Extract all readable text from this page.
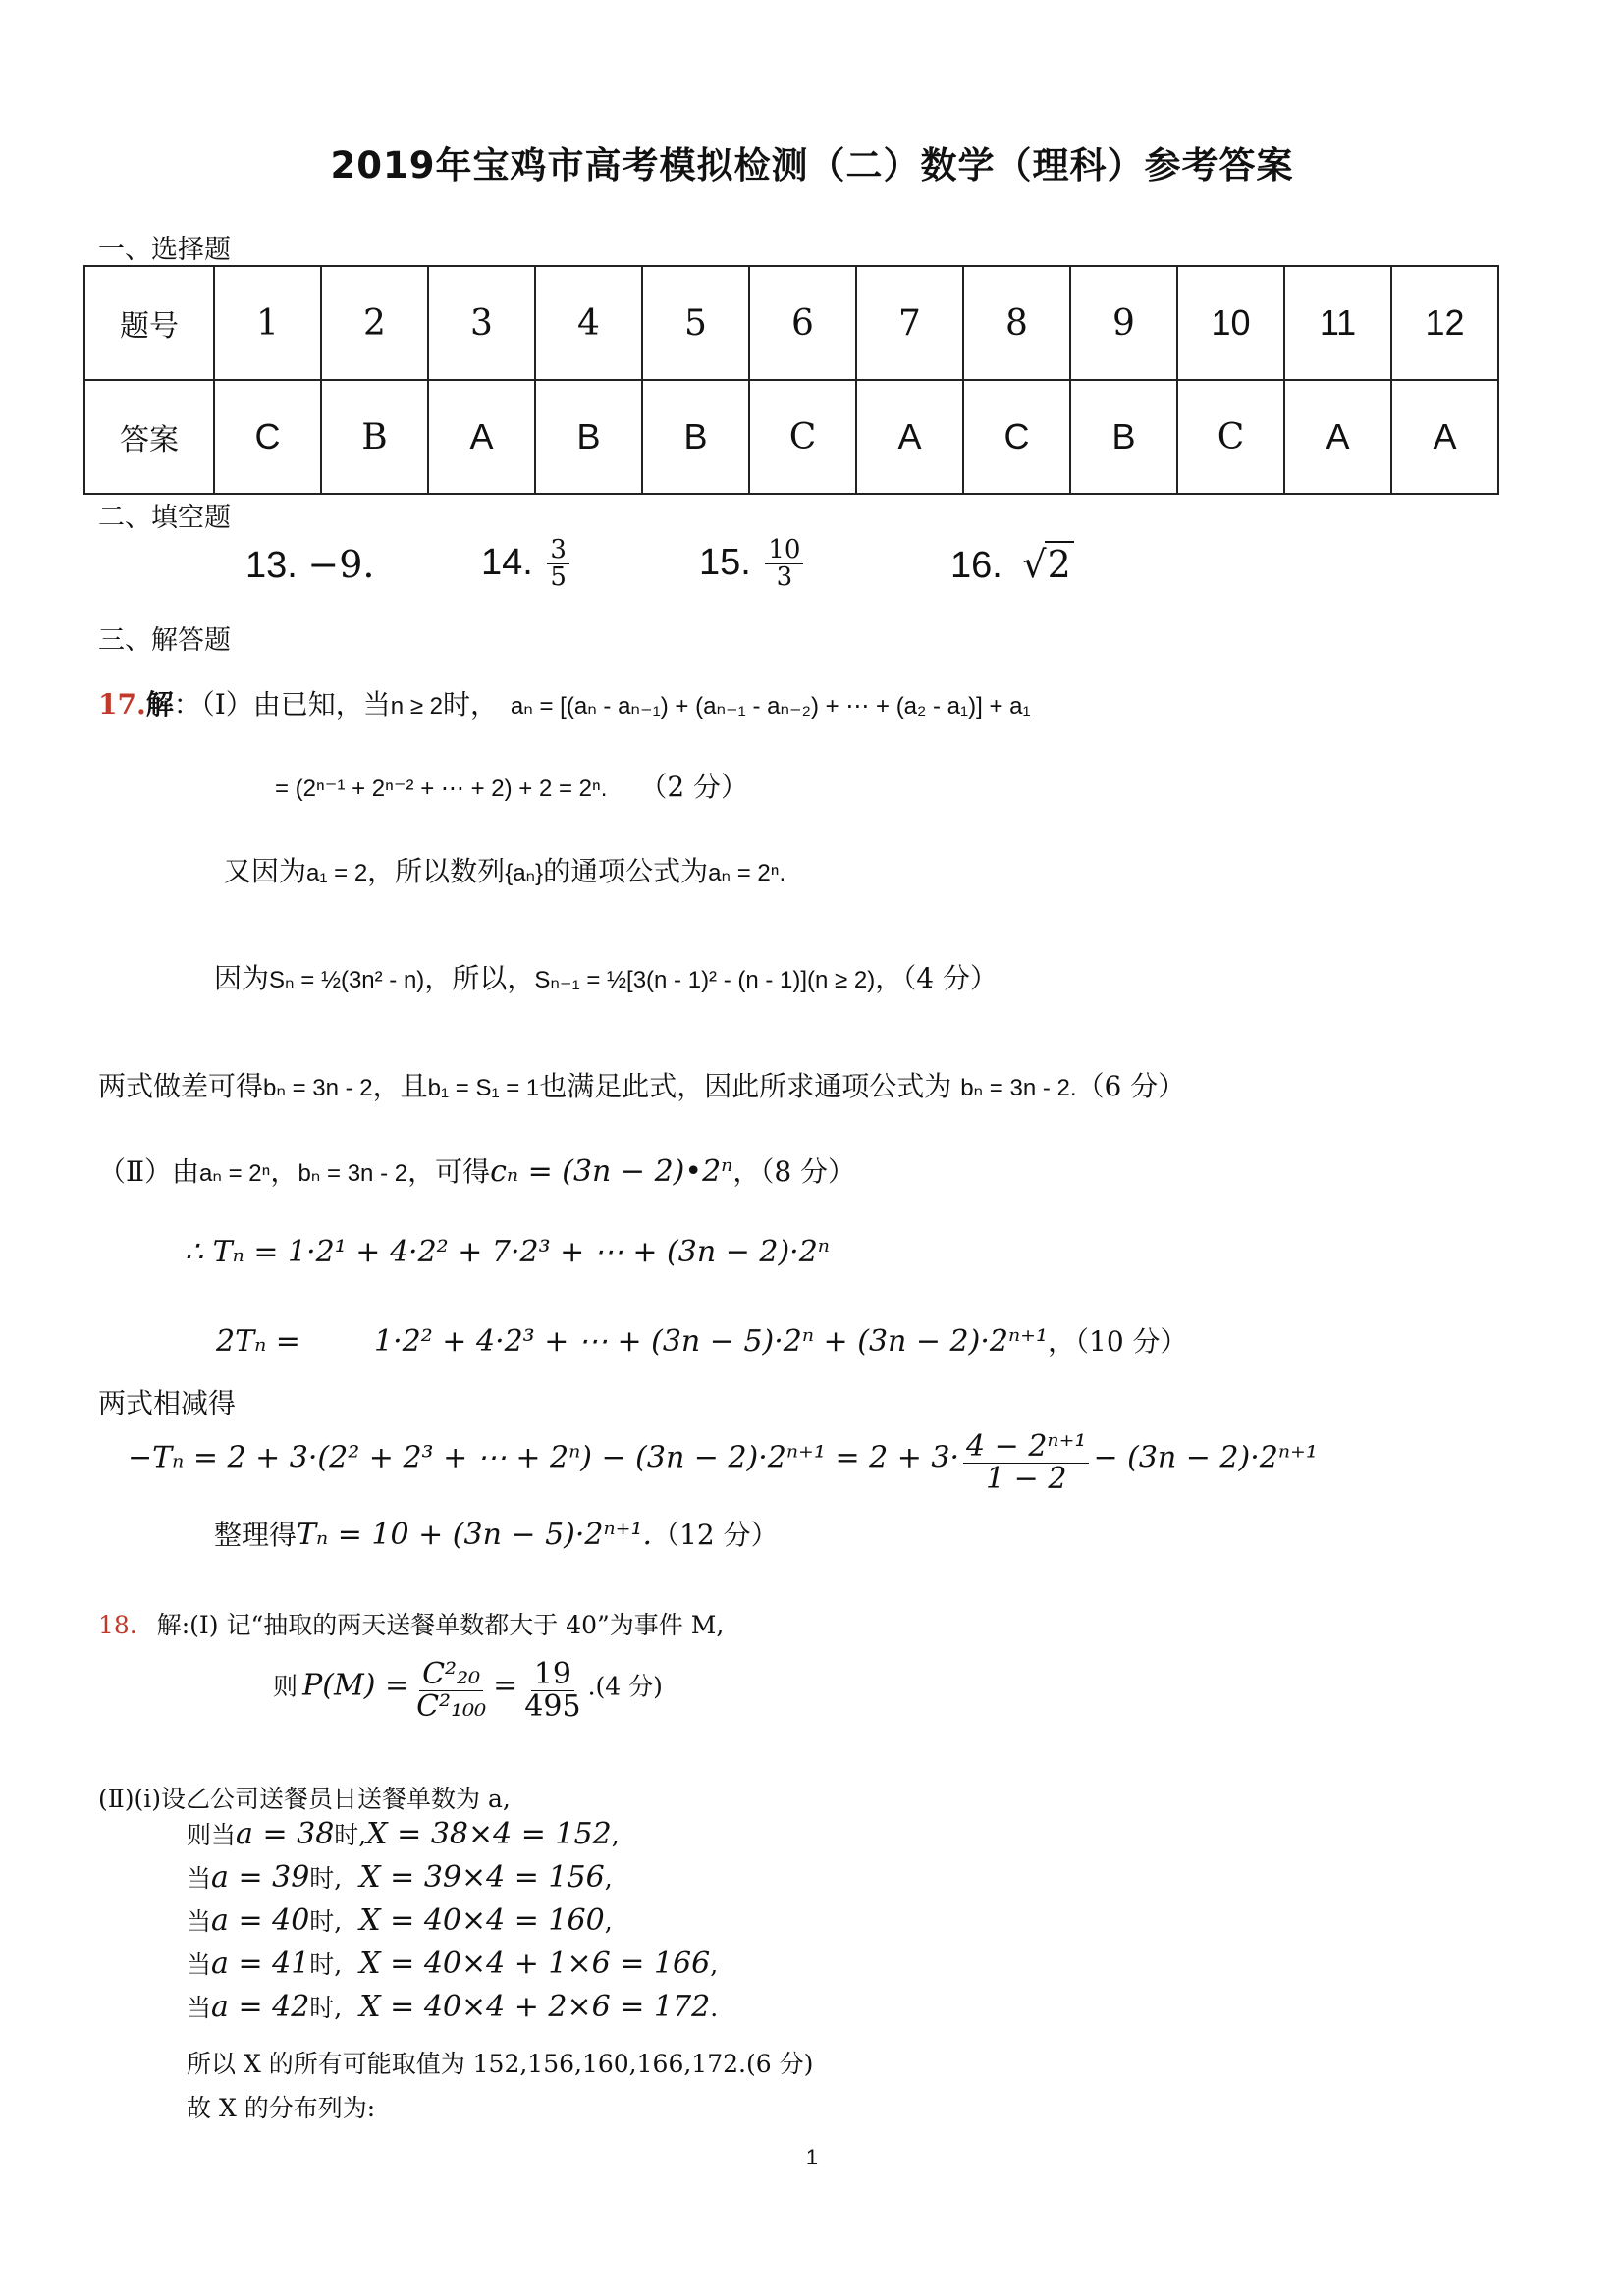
2019年宝鸡市高考模拟检测（二）数学（理科）参考答案
一、选择题
题号	1	2	3	4	5	6	7	8	9	10	11	12
答案	C	B	A	B	B	C	A	C	B	C	A	A
二、填空题
13. −9.	14. $\frac{3}{5}$	15. $\frac{10}{3}$	16. √2
三、解答题
17.解：（Ⅰ）由已知，当n ≥ 2时， aₙ = [(aₙ - aₙ₋₁) + (aₙ₋₁ - aₙ₋₂) + ⋯ + (a₂ - a₁)] + a₁
= (2ⁿ⁻¹ + 2ⁿ⁻² + ⋯ + 2) + 2 = 2ⁿ. （2 分）
又因为a₁ = 2，所以数列{aₙ}的通项公式为aₙ = 2ⁿ.
因为Sₙ = ½(3n² - n)，所以，Sₙ₋₁ = ½[3(n - 1)² - (n - 1)](n ≥ 2)，（4 分）
两式做差可得bₙ = 3n - 2，且b₁ = S₁ = 1也满足此式，因此所求通项公式为 bₙ = 3n - 2.（6 分）
（Ⅱ）由aₙ = 2ⁿ，bₙ = 3n - 2，可得cₙ = (3n − 2)•2ⁿ，（8 分）
∴ Tₙ = 1·2¹ + 4·2² + 7·2³ + ⋯ + (3n − 2)·2ⁿ
2Tₙ =	1·2² + 4·2³ + ⋯ + (3n − 5)·2ⁿ + (3n − 2)·2ⁿ⁺¹，（10 分）
两式相减得
−Tₙ = 2 + 3·(2² + 2³ + ⋯ + $2^n) - (3n - 2)\cdot 2^{n+1} = 2 + 3\cdot \frac{\text{4 − 2ⁿ⁺¹}}{1 - 2} - (3n - 2)\cdot 2^{n+1}$
整理得Tₙ = 10 + (3n − 5)·2ⁿ⁺¹.（12 分）
18. 解:(Ⅰ) 记“抽取的两天送餐单数都大于 40”为事件 M,
则 $P(M) = \frac{\text{C²₂₀}}{\text{C²₁₀₀}} = \frac{19}{495} .(4$ 分)
(Ⅱ)(ⅰ)设乙公司送餐员日送餐单数为 a,
则当a = 38时,X = 38×4 = 152,
当a = 39时, X = 39×4 = 156,
当a = 40时, X = 40×4 = 160,
当a = 41时, X = 40×4 + 1×6 = 166,
当a = 42时, X = 40×4 + 2×6 = 172.
所以 X 的所有可能取值为 152,156,160,166,172.(6 分)
故 X 的分布列为:
1
